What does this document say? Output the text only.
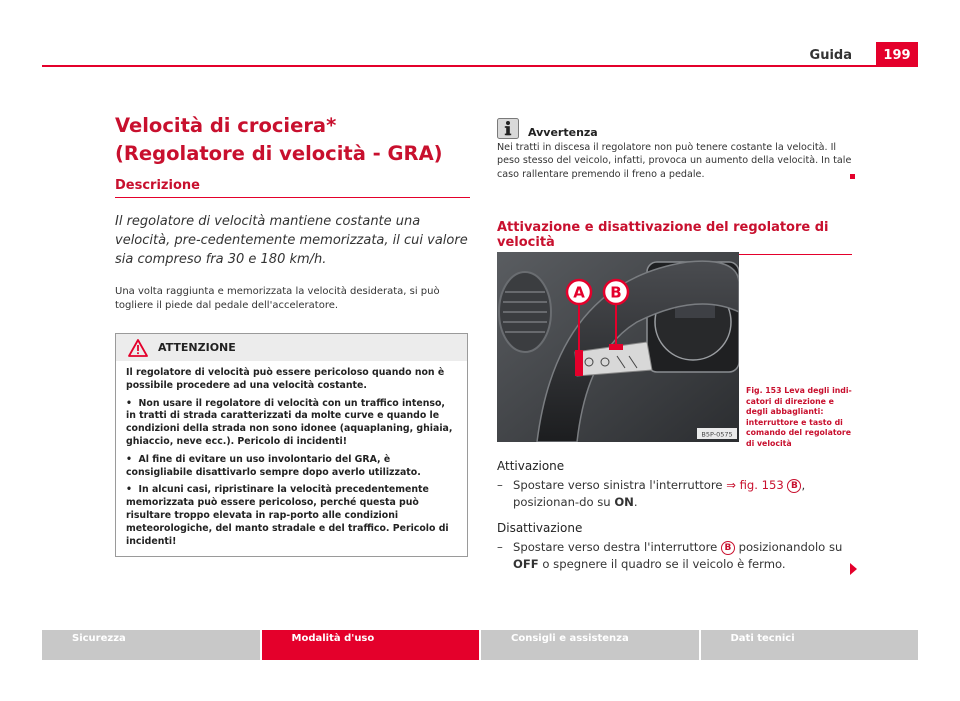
Guida	199
Velocità di crociera* (Regolatore di velocità - GRA)
Descrizione
Il regolatore di velocità mantiene costante una velocità, pre-cedentemente memorizzata, il cui valore sia compreso fra 30 e 180 km/h.
Una volta raggiunta e memorizzata la velocità desiderata, si può togliere il piede dal pedale dell'acceleratore.
ATTENZIONE

Il regolatore di velocità può essere pericoloso quando non è possibile procedere ad una velocità costante.

•  Non usare il regolatore di velocità con un traffico intenso, in tratti di strada caratterizzati da molte curve e quando le condizioni della strada non sono idonee (aquaplaning, ghiaia, ghiaccio, neve ecc.). Pericolo di incidenti!

•  Al fine di evitare un uso involontario del GRA, è consigliabile disattivarlo sempre dopo averlo utilizzato.

•  In alcuni casi, ripristinare la velocità precedentemente memorizzata può essere pericoloso, perché questa può risultare troppo elevata in rap-porto alle condizioni meteorologiche, del manto stradale e del traffico. Pericolo di incidenti!

Avvertenza
Nei tratti in discesa il regolatore non può tenere costante la velocità. Il peso stesso del veicolo, infatti, provoca un aumento della velocità. In tale caso rallentare premendo il freno a pedale.
Attivazione e disattivazione del regolatore di velocità
A B
B5P-0575
Fig. 153 Leva degli indi-catori di direzione e degli abbaglianti: interruttore e tasto di comando del regolatore di velocità
Attivazione
– Spostare verso sinistra l'interruttore ⇒ fig. 153 B , posizionan-do su ON.
Disattivazione
– Spostare verso destra l'interruttore B posizionandolo su OFF o spegnere il quadro se il veicolo è fermo.
Sicurezza	Modalità d'uso	Consigli e assistenza	Dati tecnici
